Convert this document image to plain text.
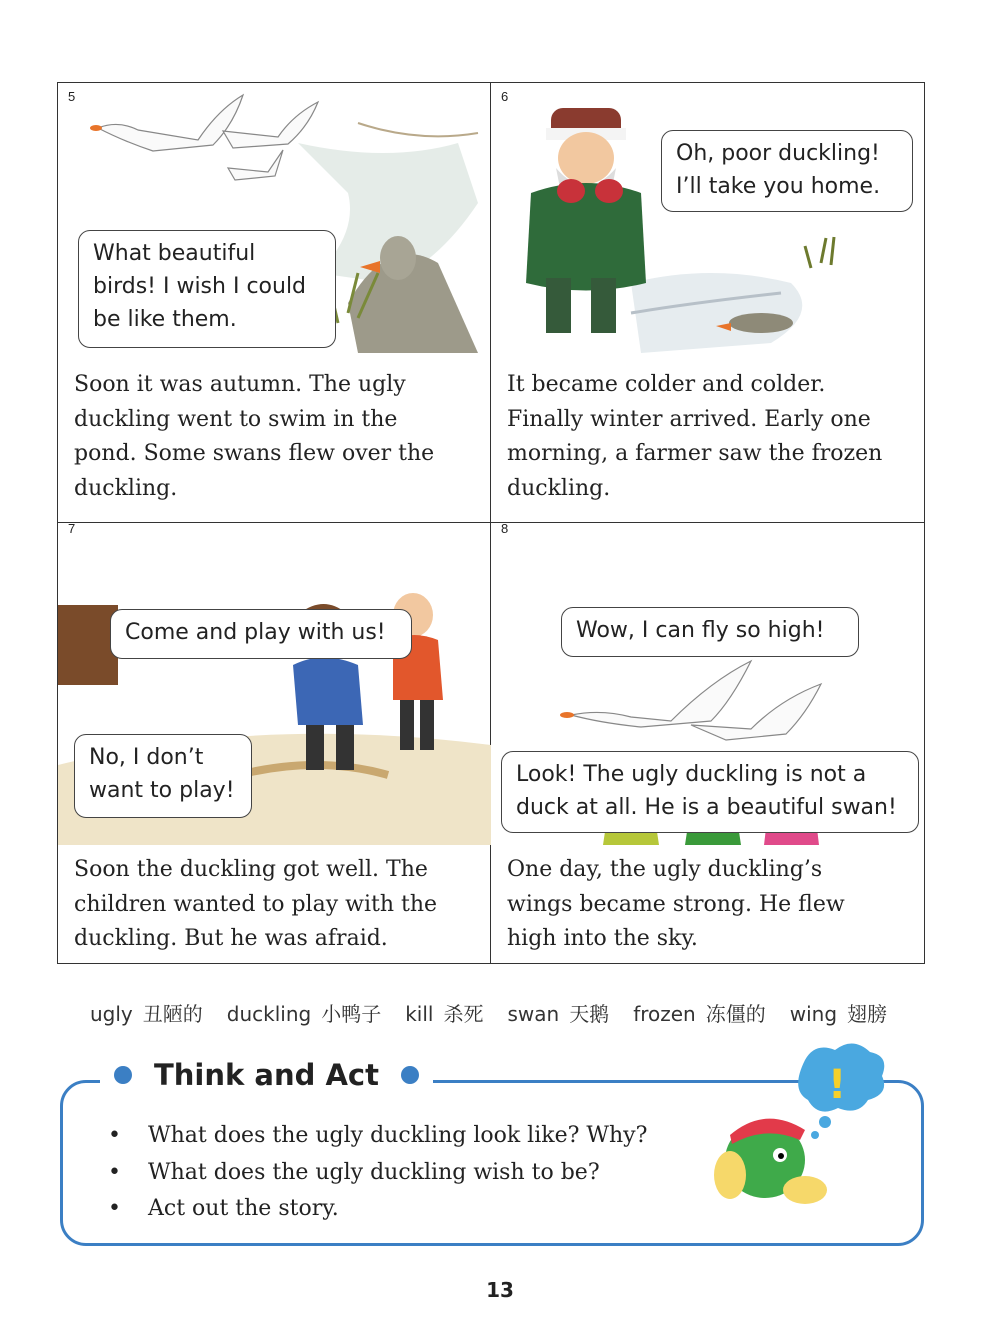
5
What beautiful
birds! I wish I could
be like them.
Soon it was autumn. The ugly
duckling went to swim in the
pond. Some swans flew over the
duckling.
6
Oh, poor duckling!
I’ll take you home.
It became colder and colder.
Finally winter arrived. Early one
morning, a farmer saw the frozen
duckling.
7
Come and play with us!
No, I don’t
want to play!
Soon the duckling got well. The
children wanted to play with the
duckling. But he was afraid.
8
Wow, I can fly so high!
Look! The ugly duckling is not a
duck at all. He is a beautiful swan!
One day, the ugly duckling’s
wings became strong. He flew
high into the sky.
ugly 丑陋的 duckling 小鸭子 kill 杀死 swan 天鹅 frozen 冻僵的 wing 翅膀
Think and Act
• What does the ugly duckling look like? Why?
• What does the ugly duckling wish to be?
• Act out the story.
!
13
